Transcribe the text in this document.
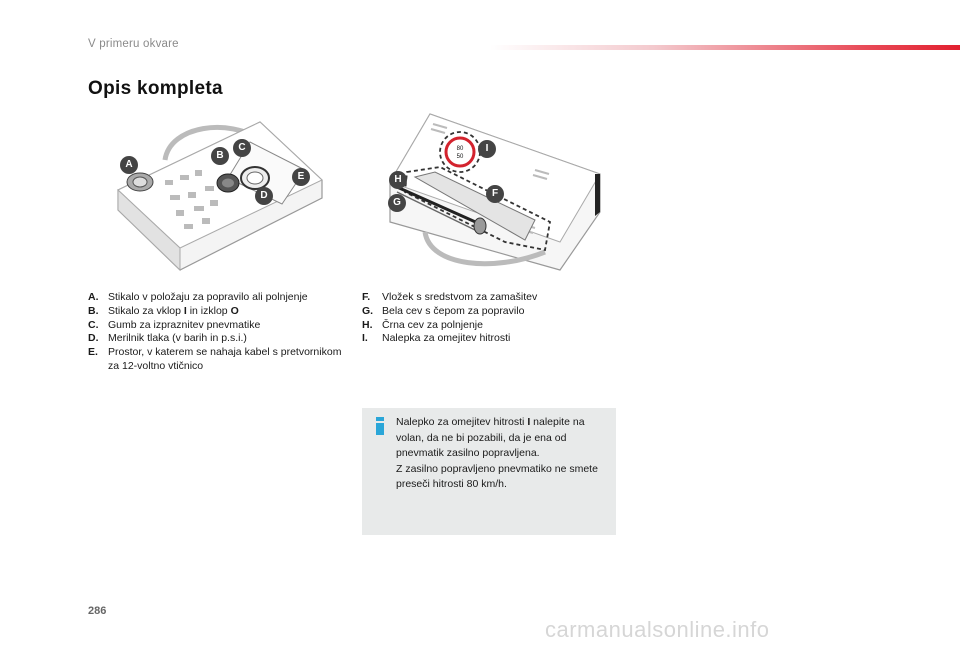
V primeru okvare
Opis kompleta
A
B
C
D
E
80
50
I
H
F
G
A. Stikalo v položaju za popravilo ali polnjenje
B. Stikalo za vklop I in izklop O
C. Gumb za izpraznitev pnevmatike
D. Merilnik tlaka (v barih in p.s.i.)
E. Prostor, v katerem se nahaja kabel s pretvornikom za 12-voltno vtičnico
F.	Vložek s sredstvom za zamašitev
G. Bela cev s čepom za popravilo
H. Črna cev za polnjenje
I.	Nalepka za omejitev hitrosti
Nalepko za omejitev hitrosti I nalepite na volan, da ne bi pozabili, da je ena od pnevmatik zasilno popravljena.
Z zasilno popravljeno pnevmatiko ne smete preseči hitrosti 80 km/h.
286
carmanualsonline.info
